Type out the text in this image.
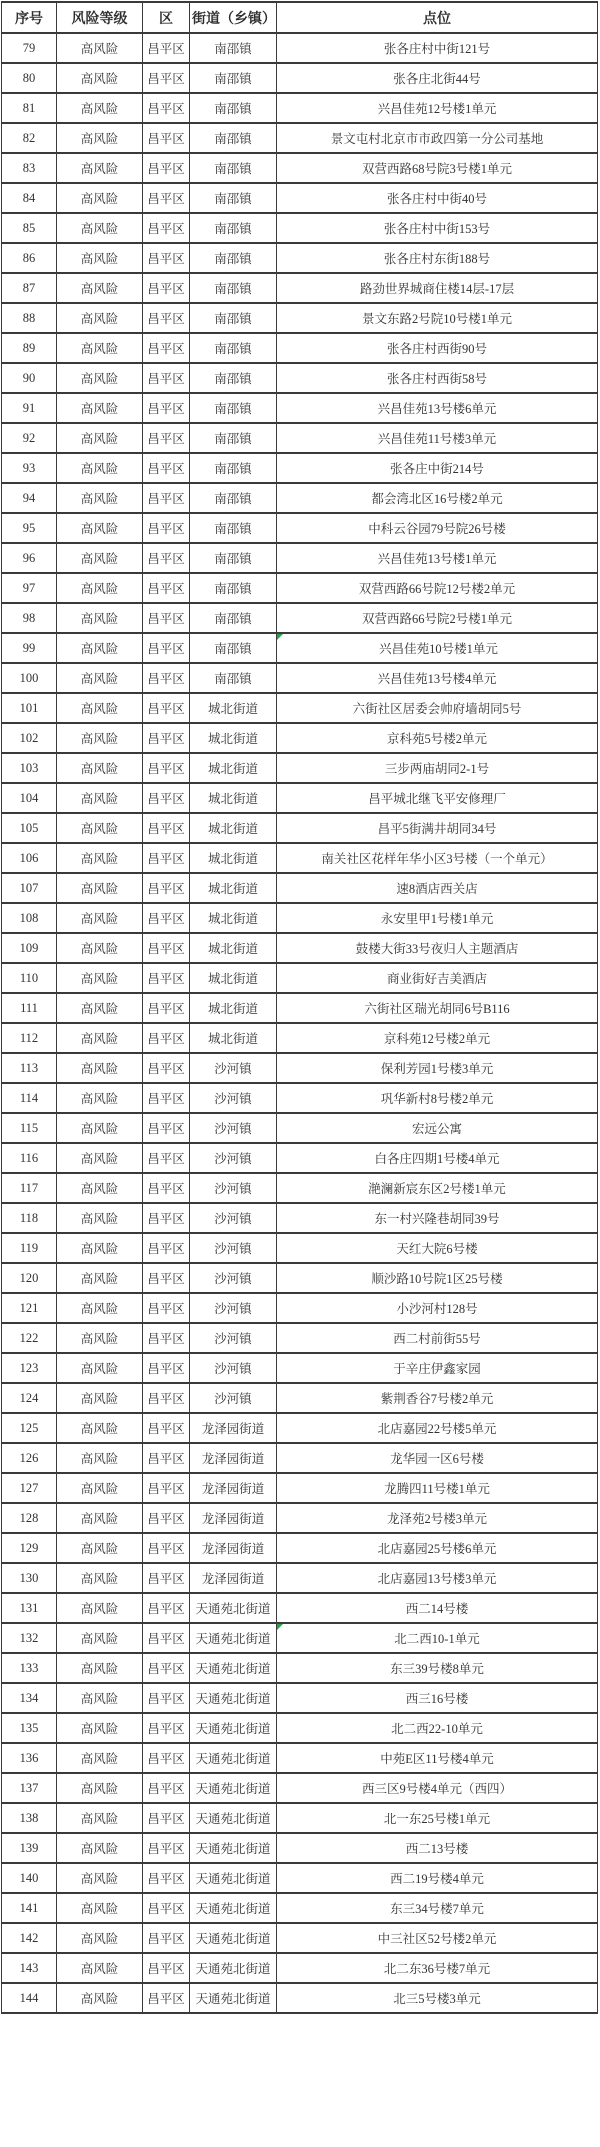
序号	风险等级	区	街道（乡镇）	点位
79	高风险	昌平区	南邵镇	张各庄村中街121号
80	高风险	昌平区	南邵镇	张各庄北街44号
81	高风险	昌平区	南邵镇	兴昌佳苑12号楼1单元
82	高风险	昌平区	南邵镇	景文屯村北京市市政四第一分公司基地
83	高风险	昌平区	南邵镇	双营西路68号院3号楼1单元
84	高风险	昌平区	南邵镇	张各庄村中街40号
85	高风险	昌平区	南邵镇	张各庄村中街153号
86	高风险	昌平区	南邵镇	张各庄村东街188号
87	高风险	昌平区	南邵镇	路劲世界城商住楼14层-17层
88	高风险	昌平区	南邵镇	景文东路2号院10号楼1单元
89	高风险	昌平区	南邵镇	张各庄村西街90号
90	高风险	昌平区	南邵镇	张各庄村西街58号
91	高风险	昌平区	南邵镇	兴昌佳苑13号楼6单元
92	高风险	昌平区	南邵镇	兴昌佳苑11号楼3单元
93	高风险	昌平区	南邵镇	张各庄中街214号
94	高风险	昌平区	南邵镇	都会湾北区16号楼2单元
95	高风险	昌平区	南邵镇	中科云谷园79号院26号楼
96	高风险	昌平区	南邵镇	兴昌佳苑13号楼1单元
97	高风险	昌平区	南邵镇	双营西路66号院12号楼2单元
98	高风险	昌平区	南邵镇	双营西路66号院2号楼1单元
99	高风险	昌平区	南邵镇	兴昌佳苑10号楼1单元

100	高风险	昌平区	南邵镇	兴昌佳苑13号楼4单元
101	高风险	昌平区	城北街道	六街社区居委会帅府墙胡同5号
102	高风险	昌平区	城北街道	京科苑5号楼2单元
103	高风险	昌平区	城北街道	三步两庙胡同2-1号
104	高风险	昌平区	城北街道	昌平城北继飞平安修理厂
105	高风险	昌平区	城北街道	昌平5街满井胡同34号
106	高风险	昌平区	城北街道	南关社区花样年华小区3号楼（一个单元）
107	高风险	昌平区	城北街道	速8酒店西关店
108	高风险	昌平区	城北街道	永安里甲1号楼1单元
109	高风险	昌平区	城北街道	鼓楼大街33号夜归人主题酒店
110	高风险	昌平区	城北街道	商业街好吉美酒店
111	高风险	昌平区	城北街道	六街社区瑞光胡同6号B116
112	高风险	昌平区	城北街道	京科苑12号楼2单元
113	高风险	昌平区	沙河镇	保利芳园1号楼3单元
114	高风险	昌平区	沙河镇	巩华新村8号楼2单元
115	高风险	昌平区	沙河镇	宏远公寓
116	高风险	昌平区	沙河镇	白各庄四期1号楼4单元
117	高风险	昌平区	沙河镇	滟澜新宸东区2号楼1单元
118	高风险	昌平区	沙河镇	东一村兴隆巷胡同39号
119	高风险	昌平区	沙河镇	天红大院6号楼
120	高风险	昌平区	沙河镇	顺沙路10号院1区25号楼
121	高风险	昌平区	沙河镇	小沙河村128号
122	高风险	昌平区	沙河镇	西二村前街55号
123	高风险	昌平区	沙河镇	于辛庄伊鑫家园
124	高风险	昌平区	沙河镇	紫荆香谷7号楼2单元
125	高风险	昌平区	龙泽园街道	北店嘉园22号楼5单元
126	高风险	昌平区	龙泽园街道	龙华园一区6号楼
127	高风险	昌平区	龙泽园街道	龙腾四11号楼1单元
128	高风险	昌平区	龙泽园街道	龙泽苑2号楼3单元
129	高风险	昌平区	龙泽园街道	北店嘉园25号楼6单元
130	高风险	昌平区	龙泽园街道	北店嘉园13号楼3单元
131	高风险	昌平区	天通苑北街道	西二14号楼
132	高风险	昌平区	天通苑北街道	北二西10-1单元

133	高风险	昌平区	天通苑北街道	东三39号楼8单元
134	高风险	昌平区	天通苑北街道	西三16号楼
135	高风险	昌平区	天通苑北街道	北二西22-10单元
136	高风险	昌平区	天通苑北街道	中苑E区11号楼4单元
137	高风险	昌平区	天通苑北街道	西三区9号楼4单元（西四）
138	高风险	昌平区	天通苑北街道	北一东25号楼1单元
139	高风险	昌平区	天通苑北街道	西二13号楼
140	高风险	昌平区	天通苑北街道	西二19号楼4单元
141	高风险	昌平区	天通苑北街道	东三34号楼7单元
142	高风险	昌平区	天通苑北街道	中三社区52号楼2单元
143	高风险	昌平区	天通苑北街道	北二东36号楼7单元
144	高风险	昌平区	天通苑北街道	北三5号楼3单元
